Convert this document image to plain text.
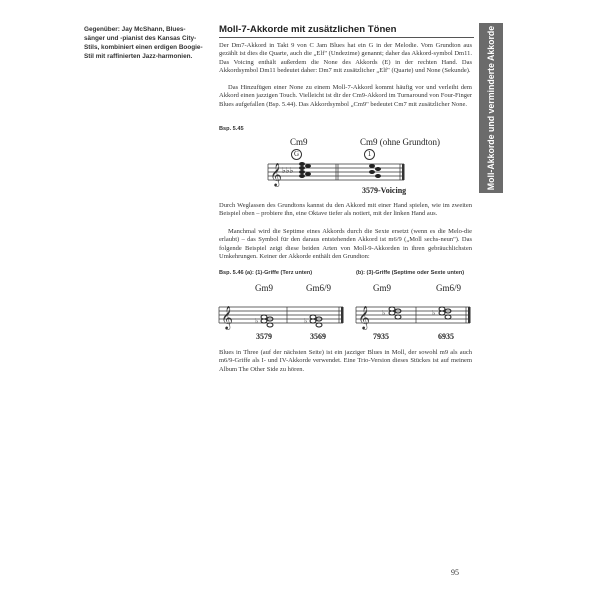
Gegenüber: Jay McShann, Blues-sänger und -pianist des Kansas City-Stils, kombiniert einen erdigen Boogie-Stil mit raffinierten Jazz-harmonien.	Moll-Akkorde und verminderte Akkorde
Moll-7-Akkorde mit zusätzlichen Tönen

Der Dm7-Akkord in Takt 9 von C Jam Blues hat ein G in der Melodie. Vom Grundton aus gezählt ist dies die Quarte, auch die „Elf" (Undezime) genannt; daher das Akkord-symbol Dm11. Das Voicing enthält außerdem die None des Akkords (E) in der rechten Hand. Das Akkordsymbol Dm11 bedeutet daher: Dm7 mit zusätzlicher „Elf" (Quarte) und None (Sekunde).

Das Hinzufügen einer None zu einem Moll-7-Akkord kommt häufig vor und verleiht dem Akkord einen jazzigen Touch. Vielleicht ist dir der Cm9-Akkord im Turnaround von Four-Finger Blues aufgefallen (Bsp. 5.44). Das Akkordsymbol „Cm9" bedeutet Cm7 mit zusätzlicher None.

Bsp. 5.45
Cm9	Cm9 (ohne Grundton)
G	1
𝄞 ♭♭♭
3579-Voicing

Durch Weglassen des Grundtons kannst du den Akkord mit einer Hand spielen, wie im zweiten Beispiel oben – probiere ihn, eine Oktave tiefer als notiert, mit der linken Hand aus.

Manchmal wird die Septime eines Akkords durch die Sexte ersetzt (wenn es die Melo-die erlaubt) – das Symbol für den daraus entstehenden Akkord ist m6/9 („Moll sechs-neun"). Das folgende Beispiel zeigt diese beiden Arten von Moll-9-Akkorden in ihren gebräuchlichsten Umkehrungen. Keiner der Akkorde enthält den Grundton:

Bsp. 5.46 (a): (1)-Griffe (Terz unten)	(b): (3)-Griffe (Septime oder Sexte unten)
Gm9	Gm6/9	Gm9	Gm6/9
𝄞	♭	♭	𝄞 ♭	♭
3579	3569	7935	6935

Blues in Three (auf der nächsten Seite) ist ein jazziger Blues in Moll, der sowohl m9 als auch m6/9-Griffe als I- und IV-Akkorde verwendet. Eine Trio-Version dieses Stückes ist auf meinem Album The Other Side zu hören.

95
